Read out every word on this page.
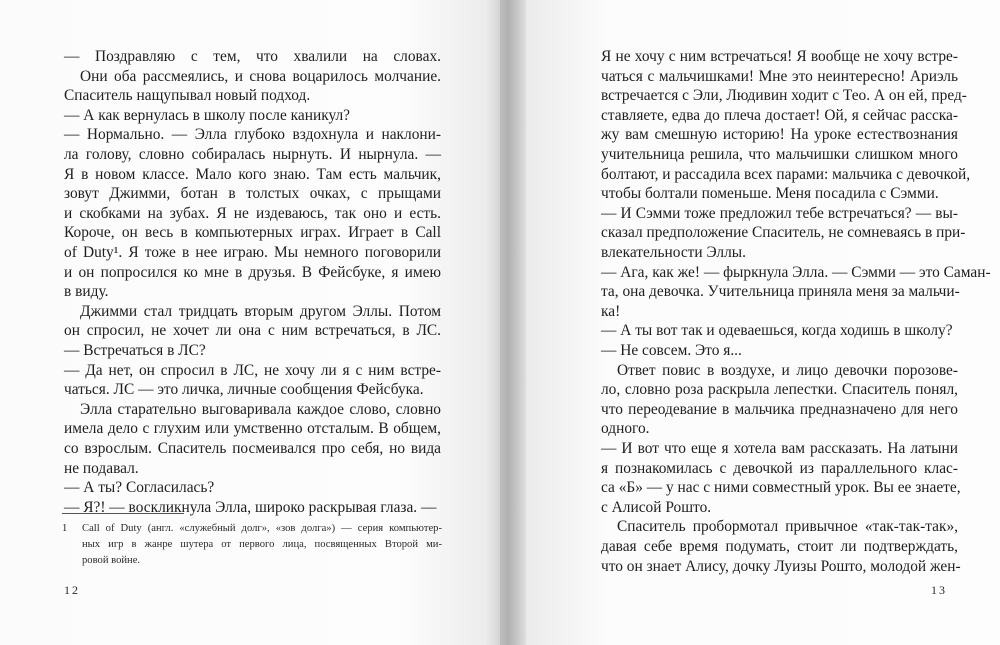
1 Call of Duty (англ. «служебный долг», «зов долга») — серия компьютер-
ных игр в жанре шутера от первого лица, посвященных Второй ми-
ровой войне.
12
— Поздравляю с тем, что хвалили на словах.
Они оба рассмеялись, и снова воцарилось молчание.
Спаситель нащупывал новый подход.
— А как вернулась в школу после каникул?
— Нормально. — Элла глубоко вздохнула и наклони-
ла голову, словно собиралась нырнуть. И нырнула. —
Я в новом классе. Мало кого знаю. Там есть мальчик,
зовут Джимми, ботан в толстых очках, с прыщами
и скобками на зубах. Я не издеваюсь, так оно и есть.
Короче, он весь в компьютерных играх. Играет в Call
of Duty¹. Я тоже в нее играю. Мы немного поговорили
и он попросился ко мне в друзья. В Фейсбуке, я имею
в виду.
Джимми стал тридцать вторым другом Эллы. Потом
он спросил, не хочет ли она с ним встречаться, в ЛС.
— Встречаться в ЛС?
— Да нет, он спросил в ЛС, не хочу ли я с ним встре-
чаться. ЛС — это личка, личные сообщения Фейсбука.
Элла старательно выговаривала каждое слово, словно
имела дело с глухим или умственно отсталым. В общем,
со взрослым. Спаситель посмеивался про себя, но вида
не подавал.
— А ты? Согласилась?
— Я?! — воскликнула Элла, широко раскрывая глаза. —
13
Я не хочу с ним встречаться! Я вообще не хочу встре-
чаться с мальчишками! Мне это неинтересно! Ариэль
встречается с Эли, Людивин ходит с Тео. А он ей, пред-
ставляете, едва до плеча достает! Ой, я сейчас расска-
жу вам смешную историю! На уроке естествознания
учительница решила, что мальчишки слишком много
болтают, и рассадила всех парами: мальчика с девочкой,
чтобы болтали поменьше. Меня посадила с Сэмми.
— И Сэмми тоже предложил тебе встречаться? — вы-
сказал предположение Спаситель, не сомневаясь в при-
влекательности Эллы.
— Ага, как же! — фыркнула Элла. — Сэмми — это Саман-
та, она девочка. Учительница приняла меня за мальчи-
ка!
— А ты вот так и одеваешься, когда ходишь в школу?
— Не совсем. Это я...
Ответ повис в воздухе, и лицо девочки порозове-
ло, словно роза раскрыла лепестки. Спаситель понял,
что переодевание в мальчика предназначено для него
одного.
— И вот что еще я хотела вам рассказать. На латыни
я познакомилась с девочкой из параллельного клас-
са «Б» — у нас с ними совместный урок. Вы ее знаете,
с Алисой Рошто.
Спаситель пробормотал привычное «так-так-так»,
давая себе время подумать, стоит ли подтверждать,
что он знает Алису, дочку Луизы Рошто, молодой жен-
